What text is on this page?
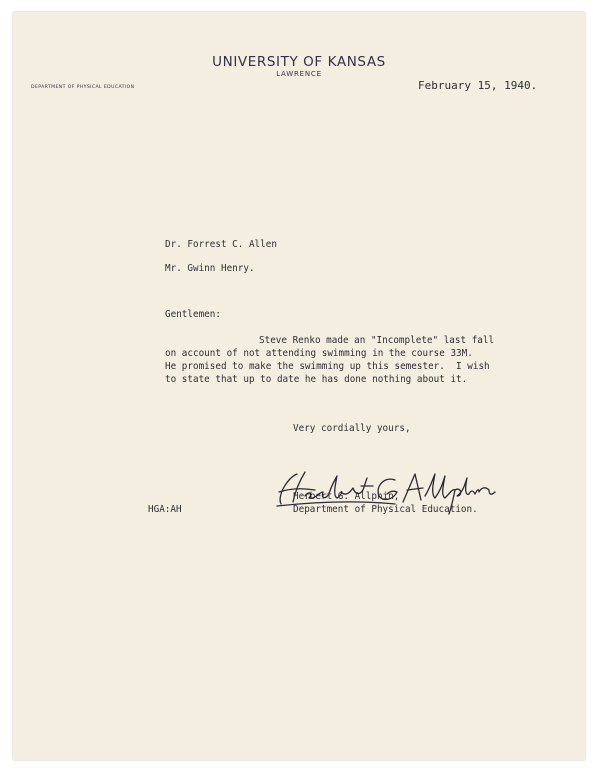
UNIVERSITY OF KANSAS
LAWRENCE
DEPARTMENT OF PHYSICAL EDUCATION	February 15, 1940.
Dr. Forrest C. Allen
Mr. Gwinn Henry.
Gentlemen:
Steve Renko made an "Incomplete" last fall
on account of not attending swimming in the course 33M.
He promised to make the swimming up this semester.  I wish
to state that up to date he has done nothing about it.
Very cordially yours,
Herbert G. Allphin,
Department of Physical Education.
HGA:AH
